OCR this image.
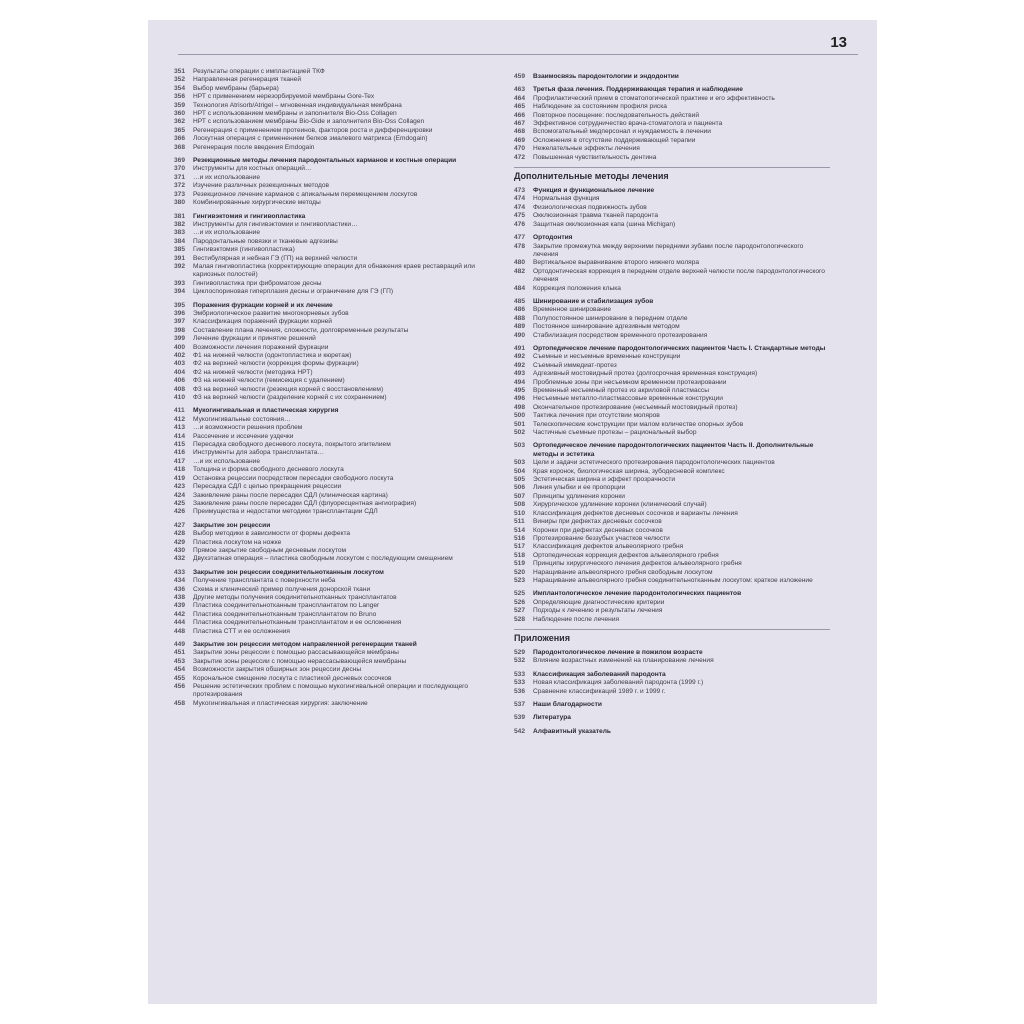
13
351	Результаты операции с имплантацией ТКФ
352	Направленная регенерация тканей
354	Выбор мембраны (барьера)
356	НРТ с применением нерезорбируемой мембраны Gore-Tex
359	Технология Atrisorb/Atrigel – мгновенная индивидуальная мембрана
360	НРТ с использованием мембраны и заполнителя Bio-Oss Collagen
362	НРТ с использованием мембраны Bio-Gide и заполнителя Bio-Oss Collagen
365	Регенерация с применением протеинов, факторов роста и дифференцировки
366	Лоскутная операция с применением белков эмалевого матрикса (Emdogain)
368	Регенерация после введения Emdogain
369	Резекционные методы лечения пародонтальных карманов и костные операции
370	Инструменты для костных операций…
371	…и их использование
372	Изучение различных резекционных методов
373	Резекционное лечение карманов с апикальным перемещением лоскутов
380	Комбинированные хирургические методы
381	Гингивэктомия и гингивопластика
382	Инструменты для гингивэктомии и гингивопластики…
383	…и их использование
384	Пародонтальные повязки и тканевые адгезивы
385	Гингивэктомия (гингивопластика)
391	Вестибулярная и небная ГЭ (ГП) на верхней челюсти
392	Малая гингивопластика (корректирующие операции для обнажения краев реставраций или кариозных полостей)
393	Гингивопластика при фиброматозе десны
394	Циклоспориновая гиперплазия десны и ограничение для ГЭ (ГП)
395	Поражения фуркации корней и их лечение
396	Эмбриологическое развитие многокорневых зубов
397	Классификация поражений фуркации корней
398	Составление плана лечения, сложности, долговременные результаты
399	Лечение фуркации и принятие решений
400	Возможности лечения поражений фуркации
402	Ф1 на нижней челюсти (одонтопластика и кюретаж)
403	Ф2 на верхней челюсти (коррекция формы фуркации)
404	Ф2 на нижней челюсти (методика НРТ)
406	Ф3 на нижней челюсти (гемисекция с удалением)
408	Ф3 на верхней челюсти (резекция корней с восстановлением)
410	Ф3 на верхней челюсти (разделение корней с их сохранением)
411	Мукогингивальная и пластическая хирургия
412	Мукогингивальные состояния…
413	…и возможности решения проблем
414	Рассечение и иссечение уздечки
415	Пересадка свободного десневого лоскута, покрытого эпителием
416	Инструменты для забора трансплантата…
417	…и их использование
418	Толщина и форма свободного десневого лоскута
419	Остановка рецессии посредством пересадки свободного лоскута
423	Пересадка СДЛ с целью прекращения рецессии
424	Заживление раны после пересадки СДЛ (клиническая картина)
425	Заживление раны после пересадки СДЛ (флуоресцентная ангиография)
426	Преимущества и недостатки методики трансплантации СДЛ
427	Закрытие зон рецессии
428	Выбор методики в зависимости от формы дефекта
429	Пластика лоскутом на ножке
430	Прямое закрытие свободным десневым лоскутом
432	Двухэтапная операция – пластика свободным лоскутом с последующим смещением
433	Закрытие зон рецессии соединительнотканным лоскутом
434	Получение трансплантата с поверхности неба
436	Схема и клинический пример получения донорской ткани
438	Другие методы получения соединительнотканных трансплантатов
439	Пластика соединительнотканным трансплантатом по Langer
442	Пластика соединительнотканным трансплантатом по Bruno
444	Пластика соединительнотканным трансплантатом и ее осложнения
448	Пластика СТТ и ее осложнения
449	Закрытие зон рецессии методом направленной регенерации тканей
451	Закрытие зоны рецессии с помощью рассасывающейся мембраны
453	Закрытие зоны рецессии с помощью нерассасывающейся мембраны
454	Возможности закрытия обширных зон рецессии десны
455	Корональное смещение лоскута с пластикой десневых сосочков
456	Решение эстетических проблем с помощью мукогингивальной операции и последующего протезирования
458	Мукогингивальная и пластическая хирургия: заключение
459	Взаимосвязь пародонтологии и эндодонтии
463	Третья фаза лечения. Поддерживающая терапия и наблюдение
464	Профилактический прием в стоматологической практике и его эффективность
465	Наблюдение за состоянием профиля риска
466	Повторное посещение: последовательность действий
467	Эффективное сотрудничество врача-стоматолога и пациента
468	Вспомогательный медперсонал и нуждаемость в лечении
469	Осложнения в отсутствие поддерживающей терапии
470	Нежелательные эффекты лечения
472	Повышенная чувствительность дентина
Дополнительные методы лечения
473	Функция и функциональное лечение
474	Нормальная функция
474	Физиологическая подвижность зубов
475	Окклюзионная травма тканей пародонта
476	Защитная окклюзионная капа (шина Michigan)
477	Ортодонтия
478	Закрытие промежутка между верхними передними зубами после пародонтологического лечения
480	Вертикальное выравнивание второго нижнего моляра
482	Ортодонтическая коррекция в переднем отделе верхней челюсти после пародонтологического лечения
484	Коррекция положения клыка
485	Шинирование и стабилизация зубов
486	Временное шинирование
488	Полупостоянное шинирование в переднем отделе
489	Постоянное шинирование адгезивным методом
490	Стабилизация посредством временного протезирования
491	Ортопедическое лечение пародонтологических пациентов Часть I. Стандартные методы
492	Съемные и несъемные временные конструкции
492	Съемный иммедиат-протез
493	Адгезивный мостовидный протез (долгосрочная временная конструкция)
494	Проблемные зоны при несъемном временном протезировании
495	Временный несъемный протез из акриловой пластмассы
496	Несъемные металло-пластмассовые временные конструкции
498	Окончательное протезирование (несъемный мостовидный протез)
500	Тактика лечения при отсутствии моляров
501	Телескопические конструкции при малом количестве опорных зубов
502	Частичные съемные протезы – рациональный выбор
503	Ортопедическое лечение пародонтологических пациентов Часть II. Дополнительные методы и эстетика
503	Цели и задачи эстетического протезирования пародонтологических пациентов
504	Края коронок, биологическая ширина, зубодесневой комплекс
505	Эстетическая ширина и эффект прозрачности
506	Линия улыбки и ее пропорции
507	Принципы удлинения коронки
508	Хирургическое удлинение коронки (клинический случай)
510	Классификация дефектов десневых сосочков и варианты лечения
511	Виниры при дефектах десневых сосочков
514	Коронки при дефектах десневых сосочков
516	Протезирование беззубых участков челюсти
517	Классификация дефектов альвеолярного гребня
518	Ортопедическая коррекция дефектов альвеолярного гребня
519	Принципы хирургического лечения дефектов альвеолярного гребня
520	Наращивание альвеолярного гребня свободным лоскутом
523	Наращивание альвеолярного гребня соединительнотканным лоскутом: краткое изложение
525	Имплантологическое лечение пародонтологических пациентов
526	Определяющие диагностические критерии
527	Подходы к лечению и результаты лечения
528	Наблюдение после лечения
Приложения
529	Пародонтологическое лечение в пожилом возрасте
532	Влияние возрастных изменений на планирование лечения
533	Классификация заболеваний пародонта
533	Новая классификация заболеваний пародонта (1999 г.)
536	Сравнение классификаций 1989 г. и 1999 г.
537	Наши благодарности
539	Литература
542	Алфавитный указатель
